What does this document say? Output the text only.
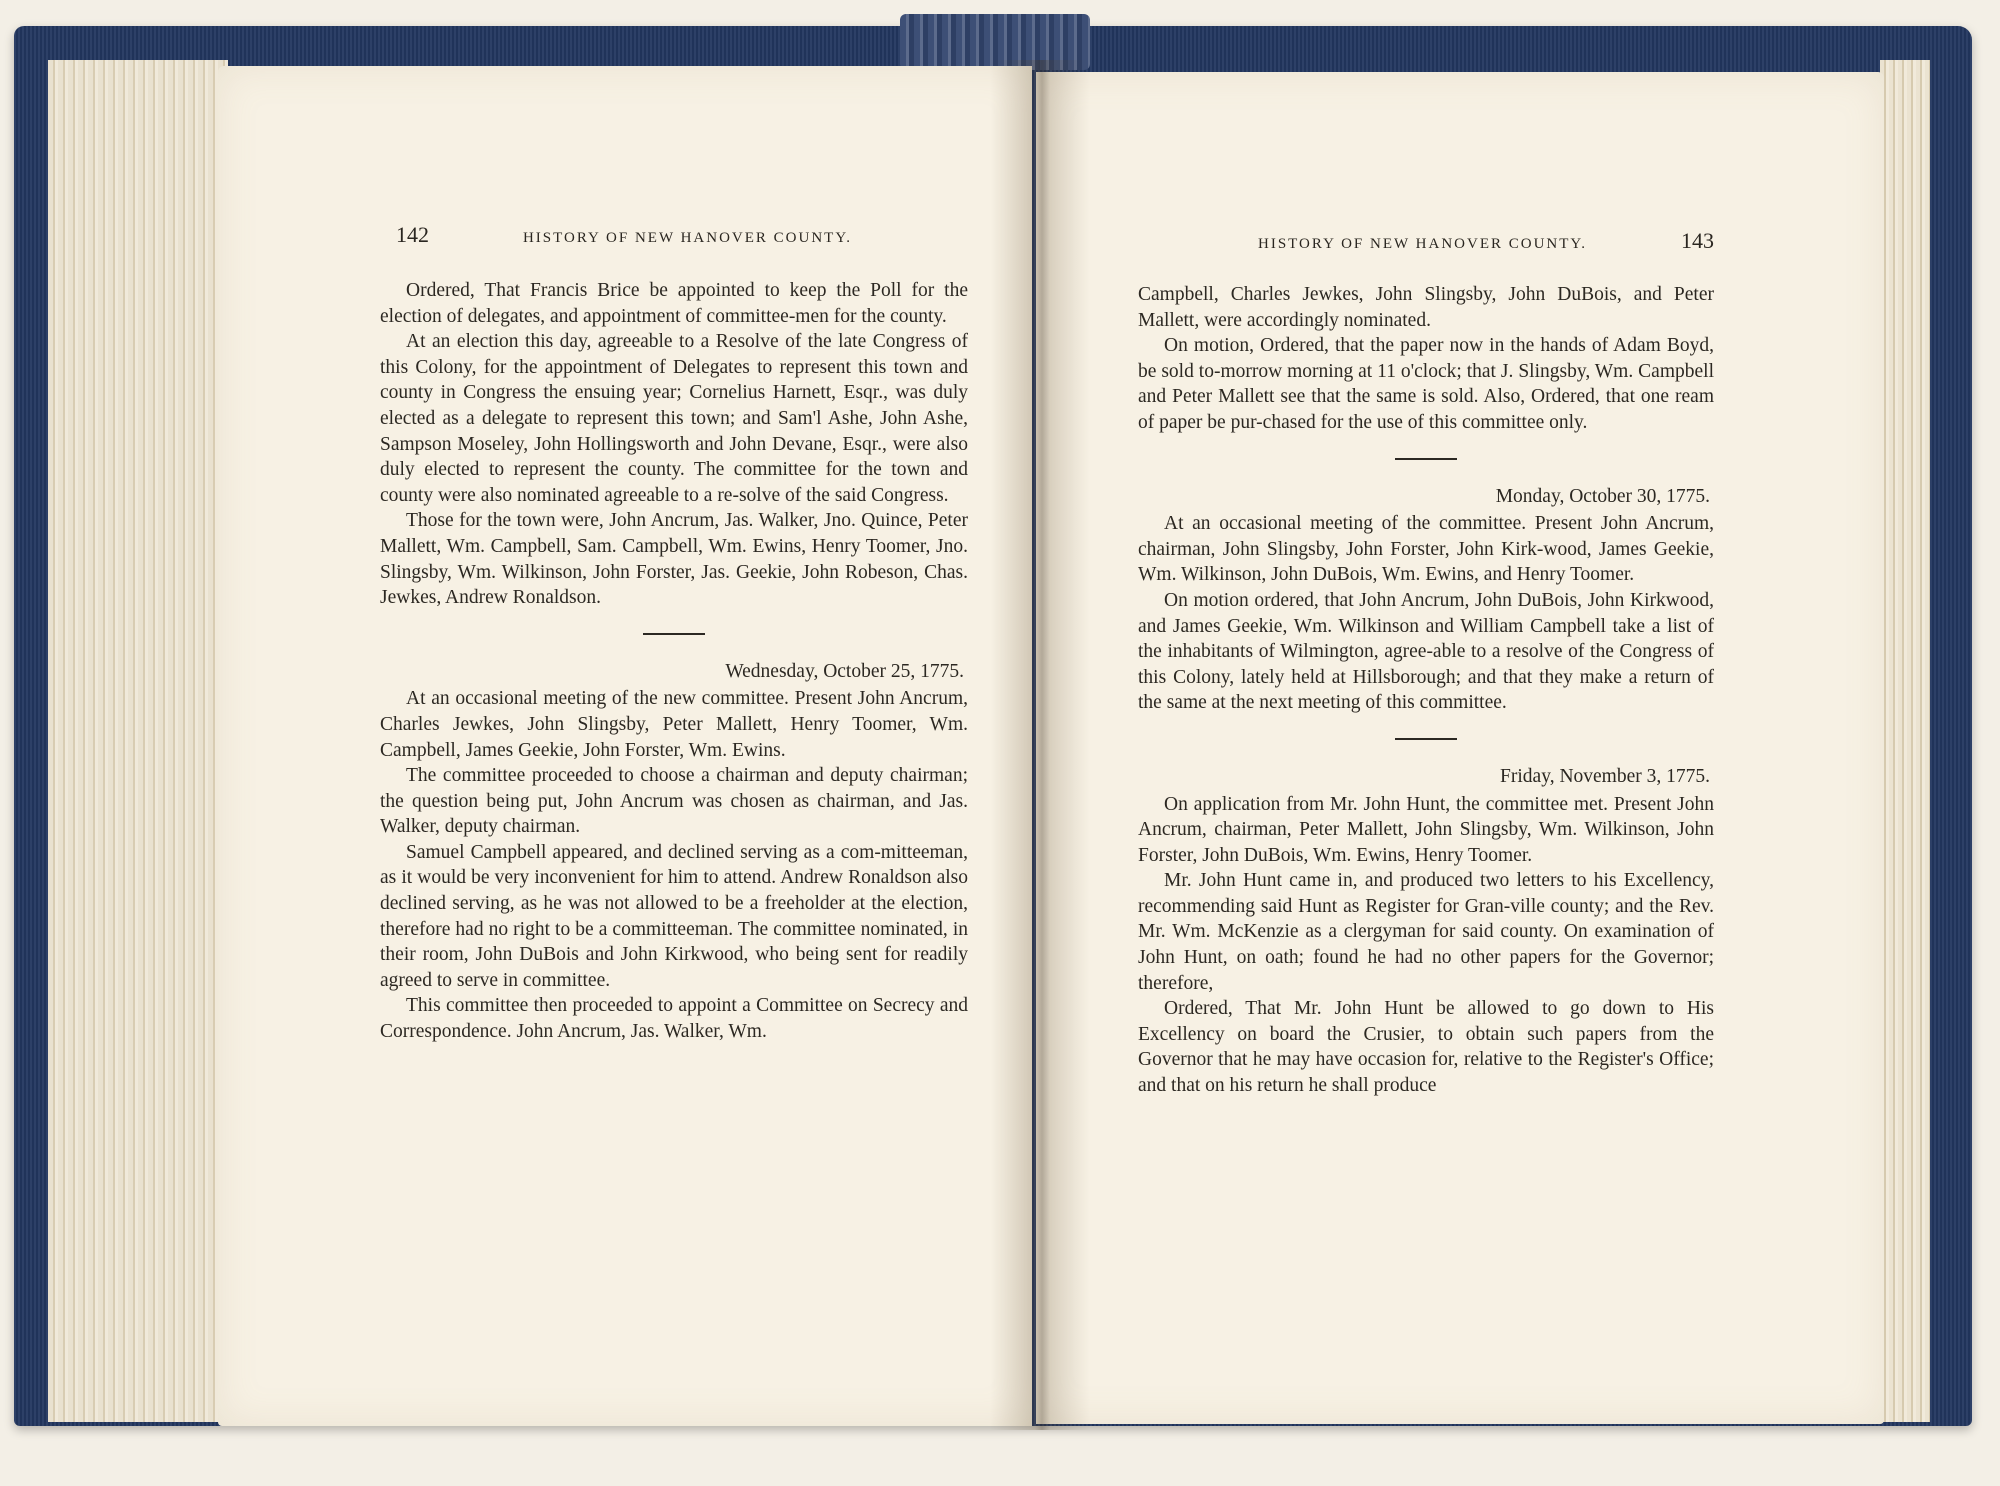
142	HISTORY OF NEW HANOVER COUNTY.

Ordered, That Francis Brice be appointed to keep the Poll for the election of delegates, and appointment of committee-men for the county.

At an election this day, agreeable to a Resolve of the late Congress of this Colony, for the appointment of Delegates to represent this town and county in Congress the ensuing year; Cornelius Harnett, Esqr., was duly elected as a delegate to represent this town; and Sam'l Ashe, John Ashe, Sampson Moseley, John Hollingsworth and John Devane, Esqr., were also duly elected to represent the county. The committee for the town and county were also nominated agreeable to a re-solve of the said Congress.

Those for the town were, John Ancrum, Jas. Walker, Jno. Quince, Peter Mallett, Wm. Campbell, Sam. Campbell, Wm. Ewins, Henry Toomer, Jno. Slingsby, Wm. Wilkinson, John Forster, Jas. Geekie, John Robeson, Chas. Jewkes, Andrew Ronaldson.

Wednesday, October 25, 1775.

At an occasional meeting of the new committee. Present John Ancrum, Charles Jewkes, John Slingsby, Peter Mallett, Henry Toomer, Wm. Campbell, James Geekie, John Forster, Wm. Ewins.

The committee proceeded to choose a chairman and deputy chairman; the question being put, John Ancrum was chosen as chairman, and Jas. Walker, deputy chairman.

Samuel Campbell appeared, and declined serving as a com-mitteeman, as it would be very inconvenient for him to attend. Andrew Ronaldson also declined serving, as he was not allowed to be a freeholder at the election, therefore had no right to be a committeeman. The committee nominated, in their room, John DuBois and John Kirkwood, who being sent for readily agreed to serve in committee.

This committee then proceeded to appoint a Committee on Secrecy and Correspondence. John Ancrum, Jas. Walker, Wm.

HISTORY OF NEW HANOVER COUNTY.	143

Campbell, Charles Jewkes, John Slingsby, John DuBois, and Peter Mallett, were accordingly nominated.

On motion, Ordered, that the paper now in the hands of Adam Boyd, be sold to-morrow morning at 11 o'clock; that J. Slingsby, Wm. Campbell and Peter Mallett see that the same is sold. Also, Ordered, that one ream of paper be pur-chased for the use of this committee only.

Monday, October 30, 1775.

At an occasional meeting of the committee. Present John Ancrum, chairman, John Slingsby, John Forster, John Kirk-wood, James Geekie, Wm. Wilkinson, John DuBois, Wm. Ewins, and Henry Toomer.

On motion ordered, that John Ancrum, John DuBois, John Kirkwood, and James Geekie, Wm. Wilkinson and William Campbell take a list of the inhabitants of Wilmington, agree-able to a resolve of the Congress of this Colony, lately held at Hillsborough; and that they make a return of the same at the next meeting of this committee.

Friday, November 3, 1775.

On application from Mr. John Hunt, the committee met. Present John Ancrum, chairman, Peter Mallett, John Slingsby, Wm. Wilkinson, John Forster, John DuBois, Wm. Ewins, Henry Toomer.

Mr. John Hunt came in, and produced two letters to his Excellency, recommending said Hunt as Register for Gran-ville county; and the Rev. Mr. Wm. McKenzie as a clergyman for said county. On examination of John Hunt, on oath; found he had no other papers for the Governor; therefore,

Ordered, That Mr. John Hunt be allowed to go down to His Excellency on board the Crusier, to obtain such papers from the Governor that he may have occasion for, relative to the Register's Office; and that on his return he shall produce
